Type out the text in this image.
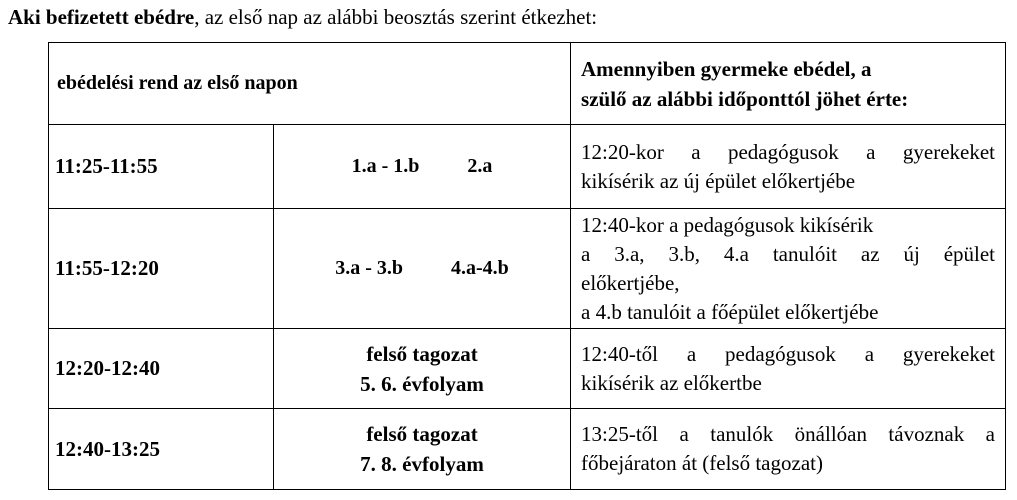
Aki befizetett ebédre, az első nap az alábbi beosztás szerint étkezhet:
ebédelési rend az első napon		Amennyiben gyermeke ebédel, a
szülő az alábbi időponttól jöhet érte:
11:25-11:55	1.a - 1.b 2.a	12:20-kor a pedagógusok a gyerekeket
kikísérik az új épület előkertjébe

11:55-12:20	3.a - 3.b 4.a-4.b	12:40-kor a pedagógusok kikísérik
a 3.a, 3.b, 4.a tanulóit az új épület
előkertjébe,
a 4.b tanulóit a főépület előkertjébe

12:20-12:40	felső tagozat
5. 6. évfolyam	12:40-től a pedagógusok a gyerekeket
kikísérik az előkertbe

12:40-13:25	felső tagozat
7. 8. évfolyam	13:25-től a tanulók önállóan távoznak a
főbejáraton át (felső tagozat)
